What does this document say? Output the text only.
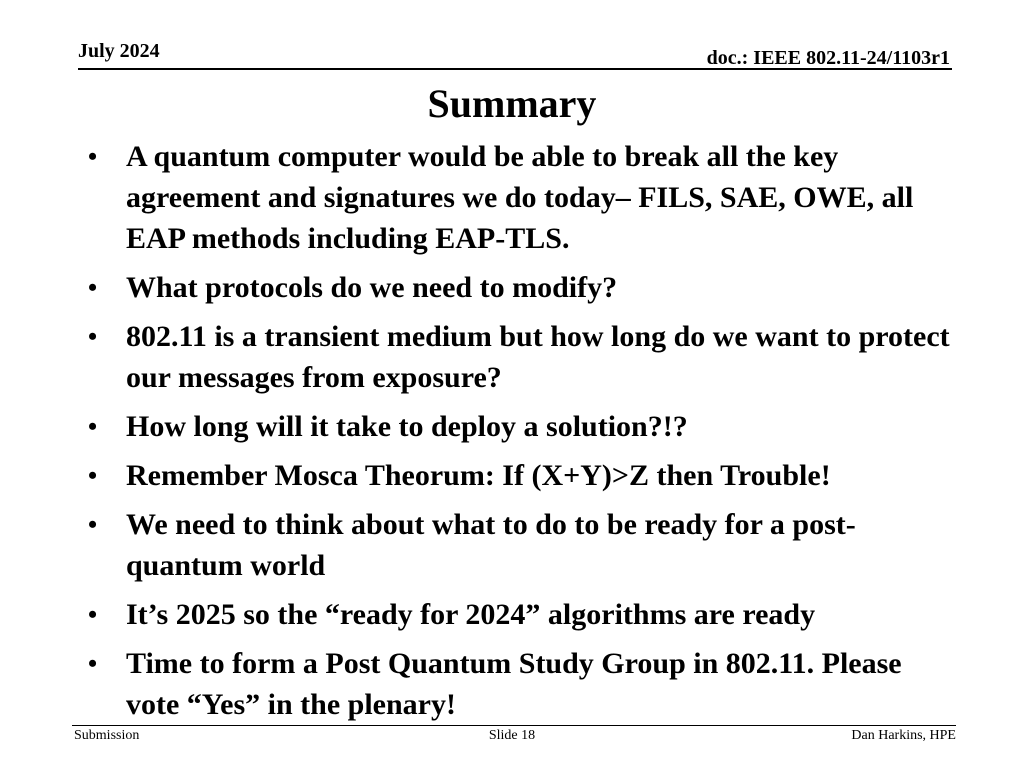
July 2024	doc.: IEEE 802.11-24/1103r1
Summary
• A quantum computer would be able to break all the key agreement and signatures we do today– FILS, SAE, OWE, all EAP methods including EAP-TLS.
• What protocols do we need to modify?
• 802.11 is a transient medium but how long do we want to protect our messages from exposure?
• How long will it take to deploy a solution?!?
• Remember Mosca Theorum: If (X+Y)>Z then Trouble!
• We need to think about what to do to be ready for a post-quantum world
• It’s 2025 so the “ready for 2024” algorithms are ready
• Time to form a Post Quantum Study Group in 802.11. Please vote “Yes” in the plenary!
Submission	Slide 18	Dan Harkins, HPE
